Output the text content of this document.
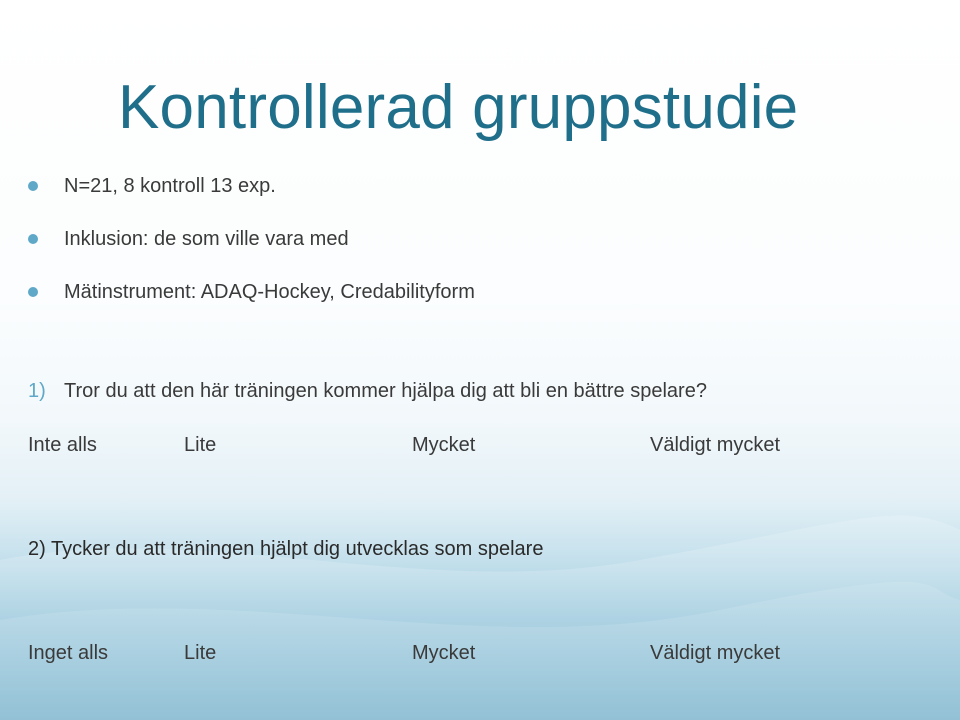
Kontrollerad gruppstudie
N=21, 8 kontroll 13 exp.
Inklusion: de som ville vara med
Mätinstrument: ADAQ-Hockey, Credabilityform
1) Tror du att den här träningen kommer hjälpa dig att bli en bättre spelare?
Inte alls	Lite	Mycket	Väldigt mycket
2) Tycker du att träningen hjälpt dig utvecklas som spelare
Inget alls	Lite	Mycket	Väldigt mycket
